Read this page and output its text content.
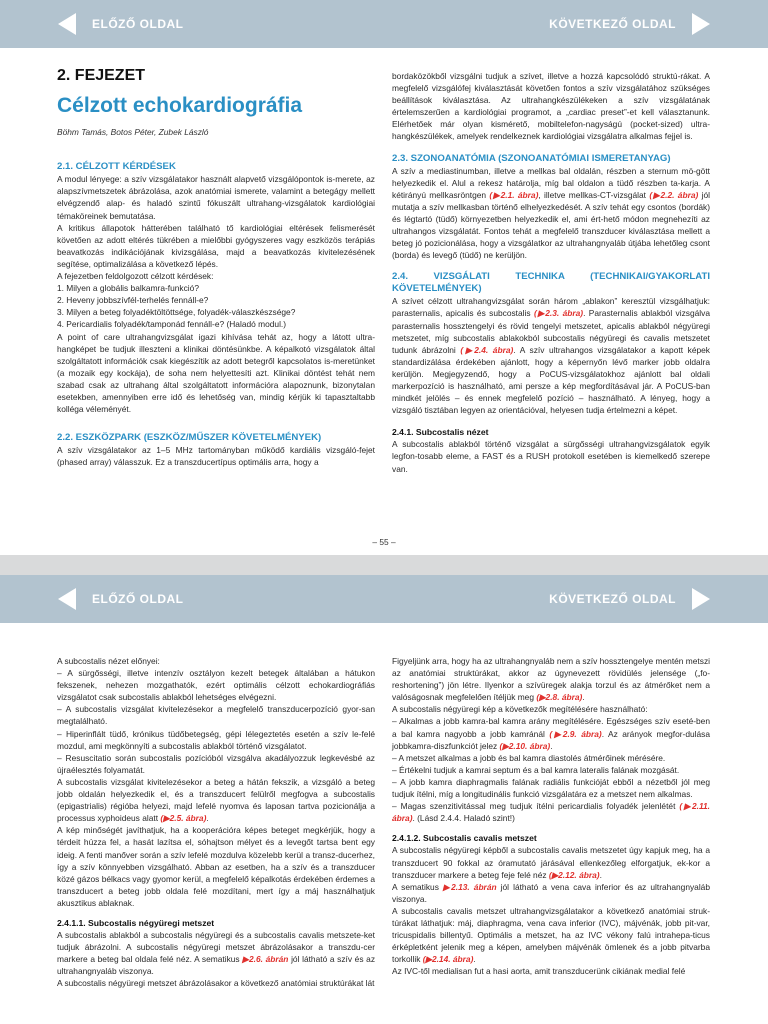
ELŐZŐ OLDAL	KÖVETKEZŐ OLDAL

2. FEJEZET

Célzott echokardiográfia

Böhm Tamás, Botos Péter, Zubek László

2.1. CÉLZOTT KÉRDÉSEK

A modul lényege: a szív vizsgálatakor használt alapvető vizsgálópontok is-merete, az alapszívmetszetek ábrázolása, azok anatómiai ismerete, valamint a betegágy mellett elvégzendő alap- és haladó szintű fókuszált ultrahang-vizsgálatok kardiológiai témaköreinek bemutatása.

A kritikus állapotok hátterében található tő kardiológiai eltérések felismerését követően az adott eltérés tükrében a mielőbbi gyógyszeres vagy eszközös terápiás beavatkozás indikációjának kivizsgálása, majd a beavatkozás kivitelezésének segítése, optimalizálása a következő lépés.

A fejezetben feldolgozott célzott kérdések:

1. Milyen a globális balkamra-funkció?

2. Heveny jobbszívfél-terhelés fennáll-e?

3. Milyen a beteg folyadéktöltöttsége, folyadék-válaszkészsége?

4. Pericardialis folyadék/tamponád fennáll-e? (Haladó modul.)

A point of care ultrahangvizsgálat igazi kihívása tehát az, hogy a látott ultra-hangképet be tudjuk illeszteni a klinikai döntésünkbe. A képalkotó vizsgálatok által szolgáltatott információk csak kiegészítik az adott betegről kapcsolatos is-meretünket (a mozaik egy kockája), de soha nem helyettesíti azt. Klinikai döntést tehát nem szabad csak az ultrahang által szolgáltatott információra alapoznunk, bizonytalan esetekben, amennyiben erre idő és lehetőség van, mindig kérjük ki tapasztaltabb kolléga véleményét.

2.2. ESZKÖZPARK (ESZKÖZ/MŰSZER KÖVETELMÉNYEK)

A szív vizsgálatakor az 1–5 MHz tartományban működő kardiális vizsgáló-fejet (phased array) válasszuk. Ez a transzducertípus optimális arra, hogy a

bordaközökből vizsgálni tudjuk a szívet, illetve a hozzá kapcsolódó struktú-rákat. A megfelelő vizsgálófej kiválasztását követően fontos a szív vizsgálatához szükséges beállítások kiválasztása. Az ultrahangkészülékeken a szív vizsgálatának értelemszerűen a kardiológiai programot, a „cardiac preset”-et kell választanunk. Elérhetőek már olyan kismérető, mobiltelefon-nagyságú (pocket-sized) ultra-hangkészülékek, amelyek rendelkeznek kardiológiai vizsgálatra alkalmas fejjel is.

2.3. SZONOANATÓMIA (SZONOANATÓMIAI ISMERETANYAG)

A szív a mediastinumban, illetve a mellkas bal oldalán, részben a sternum mö-gött helyezkedik el. Alul a rekesz határolja, míg bal oldalon a tüdő részben ta-karja. A kétirányú mellkasröntgen (▶2.1. ábra), illetve mellkas-CT-vizsgálat (▶2.2. ábra) jól mutatja a szív mellkasban történő elhelyezkedését. A szív tehát egy csontos (bordák) és légtartó (tüdő) környezetben helyezkedik el, ami ért-hető módon megnehezíti az ultrahangos vizsgálatát. Fontos tehát a megfelelő transzducer kiválasztása mellett a beteg jó pozicionálása, hogy a vizsgálatkor az ultrahangnyaláb útjába lehetőleg csont (borda) és levegő (tüdő) ne kerüljön.

2.4. VIZSGÁLATI TECHNIKA (TECHNIKAI/GYAKORLATI KÖVETELMÉNYEK)

A szívet célzott ultrahangvizsgálat során három „ablakon” keresztül vizsgálhatjuk: parasternalis, apicalis és subcostalis (▶2.3. ábra). Parasternalis ablakból vizsgálva parasternalis hossztengelyi és rövid tengelyi metszetet, apicalis ablakból négyüregi metszetet, míg subcostalis ablakokból subcostalis négyüregi és cavalis metszetet tudunk ábrázolni (▶2.4. ábra). A szív ultrahangos vizsgálatakor a kapott képek standardizálása érdekében ajánlott, hogy a képernyőn lévő marker jobb oldalra kerüljön. Megjegyzendő, hogy a PoCUS-vizsgálatokhoz ajánlott bal oldali markerpozíció is használható, ami persze a kép megfordításával jár. A PoCUS-ban mindkét jelölés – és ennek megfelelő pozíció – használható. A lényeg, hogy a vizsgáló tisztában legyen az orientációval, helyesen tudja értelmezni a képet.

2.4.1. Subcostalis nézet

A subcostalis ablakból történő vizsgálat a sürgősségi ultrahangvizsgálatok egyik legfon-tosabb eleme, a FAST és a RUSH protokoll esetében is kiemelkedő szerepe van.

– 55 –
ELŐZŐ OLDAL	KÖVETKEZŐ OLDAL

A subcostalis nézet előnyei:

– A sürgősségi, illetve intenzív osztályon kezelt betegek általában a hátukon fekszenek, nehezen mozgathatók, ezért optimális célzott echokardiográfiás vizsgálatot csak subcostalis ablakból lehetséges elvégezni.

– A subcostalis vizsgálat kivitelezésekor a megfelelő transzducerpozíció gyor-san megtalálható.

– Hiperinflált tüdő, krónikus tüdőbetegség, gépi lélegeztetés esetén a szív le-felé mozdul, ami megkönnyíti a subcostalis ablakból történő vizsgálatot.

– Resuscitatio során subcostalis pozícióból vizsgálva akadályozzuk legkevésbé az újraélesztés folyamatát.

A subcostalis vizsgálat kivitelezésekor a beteg a hátán fekszik, a vizsgáló a beteg jobb oldalán helyezkedik el, és a transzducert felülről megfogva a subcostalis (epigastrialis) régióba helyezi, majd lefelé nyomva és laposan tartva pozicionálja a processus xyphoideus alatt (▶2.5. ábra).

A kép minőségét javíthatjuk, ha a kooperációra képes beteget megkérjük, hogy a térdeit húzza fel, a hasát lazítsa el, sóhajtson mélyet és a levegőt tartsa bent egy ideig. A fenti manőver során a szív lefelé mozdulva közelebb kerül a transz-ducerhez, így a szív könnyebben vizsgálható. Abban az esetben, ha a szív és a transzducer közé gázos bélkacs vagy gyomor kerül, a megfelelő képalkotás érdekében érdemes a transzducert a beteg jobb oldala felé mozdítani, mert így a máj használhatjuk akusztikus ablaknak.

2.4.1.1. Subcostalis négyüregi metszet

A subcostalis ablakból a subcostalis négyüregi és a subcostalis cavalis metszete-ket tudjuk ábrázolni. A subcostalis négyüregi metszet ábrázolásakor a transzdu-cer markere a beteg bal oldala felé néz. A sematikus ▶2.6. ábrán jól látható a szív és az ultrahangnyaláb viszonya.

A subcostalis négyüregi metszet ábrázolásakor a következő anatómiai struktúrákat lát

Figyeljünk arra, hogy ha az ultrahangnyaláb nem a szív hossztengelye mentén metszi az anatómiai struktúrákat, akkor az úgynevezett rövidülés jelensége („fo-reshortening”) jön létre. Ilyenkor a szívüregek alakja torzul és az átmérőket nem a valóságosnak megfelelően ítéljük meg (▶2.8. ábra).

A subcostalis négyüregi kép a következők megítélésére használható:

– Alkalmas a jobb kamra-bal kamra arány megítélésére. Egészséges szív eseté-ben a bal kamra nagyobb a jobb kamránál (▶2.9. ábra). Az arányok megfor-dulása jobbkamra-diszfunkciót jelez (▶2.10. ábra).

– A metszet alkalmas a jobb és bal kamra diastolés átmérőinek mérésére.

– Értékelni tudjuk a kamrai septum és a bal kamra lateralis falának mozgását.

– A jobb kamra diaphragmalis falának radiális funkcióját ebből a nézetből jól meg tudjuk ítélni, míg a longitudinális funkció vizsgálatára ez a metszet nem alkalmas.

– Magas szenzitivitással meg tudjuk ítélni pericardialis folyadék jelenlétét (▶2.11. ábra). (Lásd 2.4.4. Haladó szint!)

2.4.1.2. Subcostalis cavalis metszet

A subcostalis négyüregi képből a subcostalis cavalis metszetet úgy kapjuk meg, ha a transzducert 90 fokkal az óramutató járásával ellenkezőleg elforgatjuk, ek-kor a transzducer markere a beteg feje felé néz (▶2.12. ábra).

A sematikus ▶2.13. ábrán jól látható a vena cava inferior és az ultrahangnyaláb viszonya.

A subcostalis cavalis metszet ultrahangvizsgálatakor a következő anatómiai struk-túrákat láthatjuk: máj, diaphragma, vena cava inferior (IVC), májvénák, jobb pit-var, tricuspidalis billentyű. Optimális a metszet, ha az IVC vékony falú intrahepa-ticus érképletként jelenik meg a képen, amelyben májvénák ömlenek és a jobb pitvarba torkollik (▶2.14. ábra).

Az IVC-től medialisan fut a hasi aorta, amit transzducerünk cikiának medial felé
